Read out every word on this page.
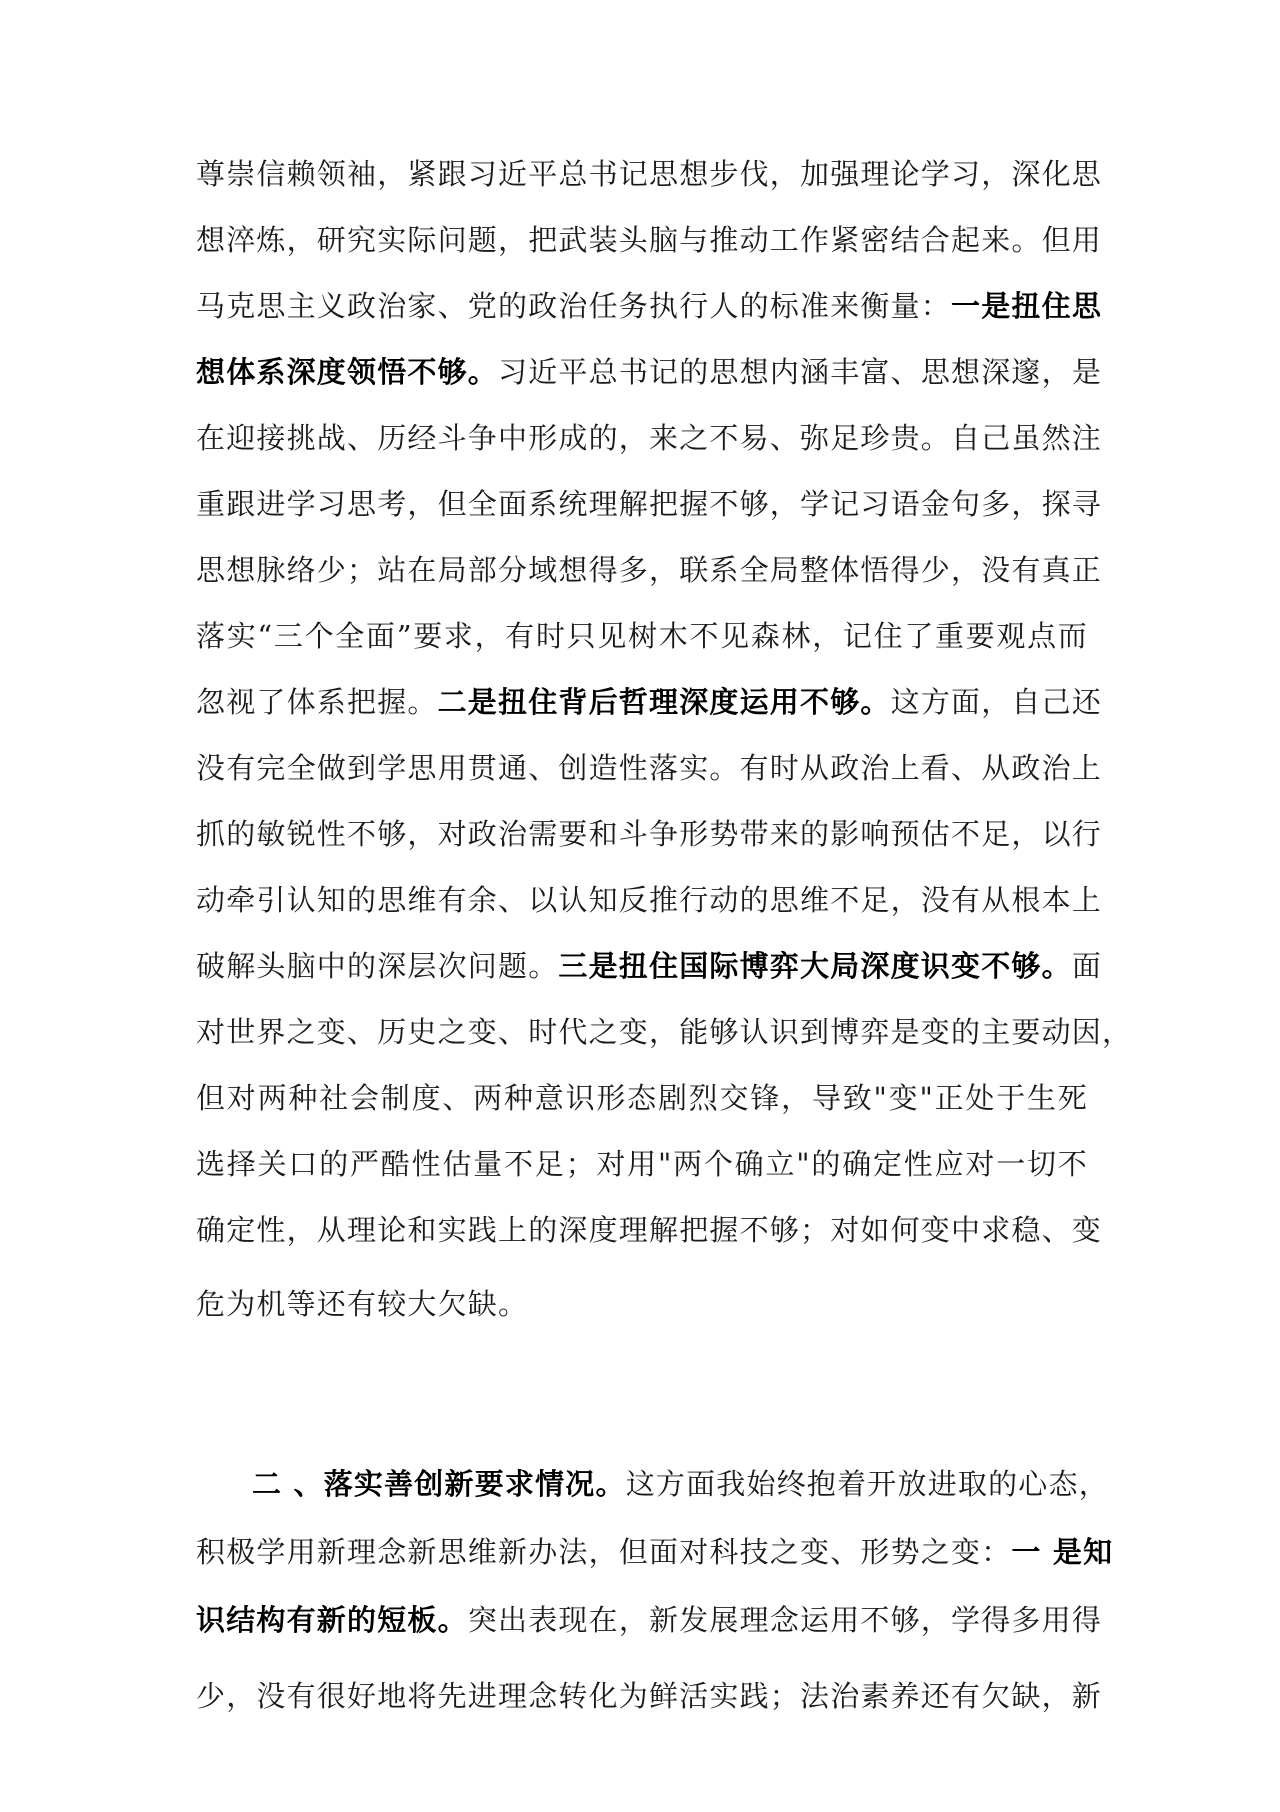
尊崇信赖领袖，紧跟习近平总书记思想步伐，加强理论学习，深化思
想淬炼，研究实际问题，把武装头脑与推动工作紧密结合起来。但用
马克思主义政治家、党的政治任务执行人的标准来衡量：一是扭住思
想体系深度领悟不够。习近平总书记的思想内涵丰富、思想深邃，是
在迎接挑战、历经斗争中形成的，来之不易、弥足珍贵。自己虽然注
重跟进学习思考，但全面系统理解把握不够，学记习语金句多，探寻
思想脉络少；站在局部分域想得多，联系全局整体悟得少，没有真正
落实“三个全面”要求，有时只见树木不见森林，记住了重要观点而
忽视了体系把握。二是扭住背后哲理深度运用不够。这方面，自己还
没有完全做到学思用贯通、创造性落实。有时从政治上看、从政治上
抓的敏锐性不够，对政治需要和斗争形势带来的影响预估不足，以行
动牵引认知的思维有余、以认知反推行动的思维不足，没有从根本上
破解头脑中的深层次问题。三是扭住国际博弈大局深度识变不够。面
对世界之变、历史之变、时代之变，能够认识到博弈是变的主要动因，
但对两种社会制度、两种意识形态剧烈交锋，导致"变"正处于生死
选择关口的严酷性估量不足；对用"两个确立"的确定性应对一切不
确定性，从理论和实践上的深度理解把握不够；对如何变中求稳、变
危为机等还有较大欠缺。
二 、落实善创新要求情况。这方面我始终抱着开放进取的心态，
积极学用新理念新思维新办法，但面对科技之变、形势之变：一 是知
识结构有新的短板。突出表现在，新发展理念运用不够，学得多用得
少，没有很好地将先进理念转化为鲜活实践；法治素养还有欠缺，新
